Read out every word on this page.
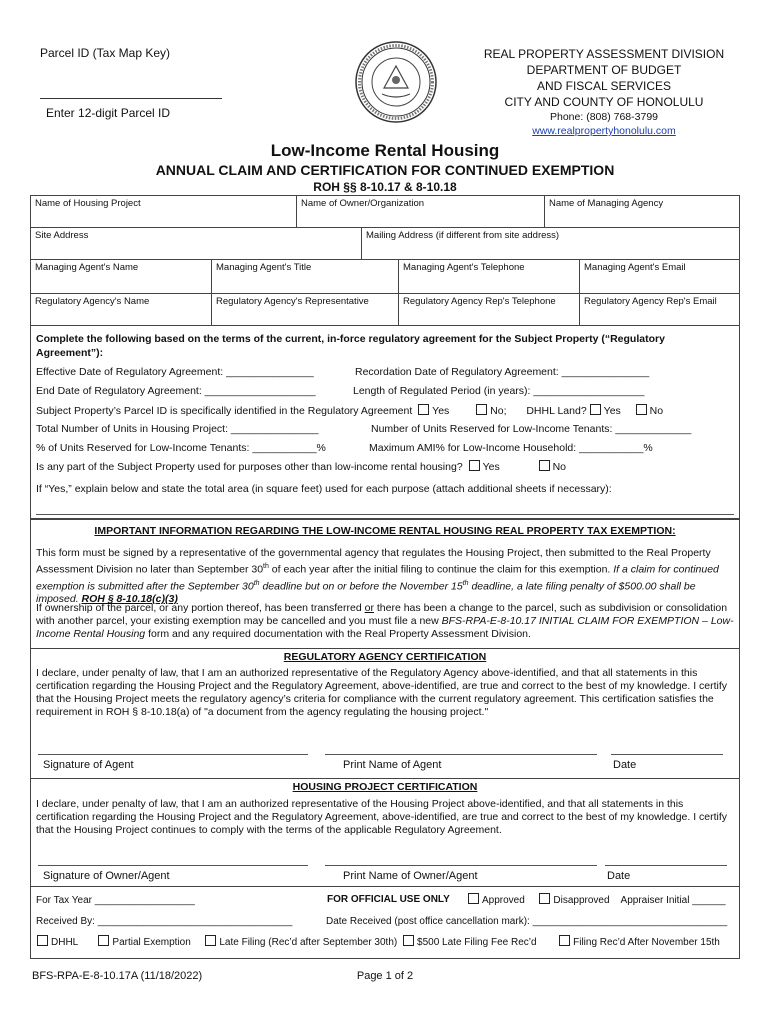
Parcel ID (Tax Map Key)
Enter 12-digit Parcel ID
REAL PROPERTY ASSESSMENT DIVISION
DEPARTMENT OF BUDGET
AND FISCAL SERVICES
CITY AND COUNTY OF HONOLULU
Phone: (808) 768-3799
www.realpropertyhonolulu.com
Low-Income Rental Housing
ANNUAL CLAIM AND CERTIFICATION FOR CONTINUED EXEMPTION
ROH §§ 8-10.17 & 8-10.18
Name of Housing Project	Name of Owner/Organization	Name of Managing Agency
Site Address	Mailing Address (if different from site address)
Managing Agent's Name	Managing Agent's Title	Managing Agent's Telephone	Managing Agent's Email
Regulatory Agency's Name	Regulatory Agency's Representative	Regulatory Agency Rep's Telephone	Regulatory Agency Rep's Email
Complete the following based on the terms of the current, in-force regulatory agreement for the Subject Property (“Regulatory Agreement”):
Effective Date of Regulatory Agreement: _______________	Recordation Date of Regulatory Agreement: _______________
End Date of Regulatory Agreement: ___________________	Length of Regulated Period (in years): ___________________
Subject Property’s Parcel ID is specifically identified in the Regulatory Agreement Yes	No; DHHL Land? Yes	No
Total Number of Units in Housing Project: _______________	Number of Units Reserved for Low-Income Tenants: _____________
% of Units Reserved for Low-Income Tenants: ___________%	Maximum AMI% for Low-Income Household: ___________%
Is any part of the Subject Property used for purposes other than low-income rental housing? Yes	No
If “Yes,” explain below and state the total area (in square feet) used for each purpose (attach additional sheets if necessary):
IMPORTANT INFORMATION REGARDING THE LOW-INCOME RENTAL HOUSING REAL PROPERTY TAX EXEMPTION:
This form must be signed by a representative of the governmental agency that regulates the Housing Project, then submitted to the Real Property Assessment Division no later than September 30th of each year after the initial filing to continue the claim for this exemption. If a claim for continued exemption is submitted after the September 30th deadline but on or before the November 15th deadline, a late filing penalty of $500.00 shall be imposed. ROH § 8-10.18(c)(3)
If ownership of the parcel, or any portion thereof, has been transferred or there has been a change to the parcel, such as subdivision or consolidation with another parcel, your existing exemption may be cancelled and you must file a new BFS-RPA-E-8-10.17 INITIAL CLAIM FOR EXEMPTION – Low-Income Rental Housing form and any required documentation with the Real Property Assessment Division.
REGULATORY AGENCY CERTIFICATION
I declare, under penalty of law, that I am an authorized representative of the Regulatory Agency above-identified, and that all statements in this certification regarding the Housing Project and the Regulatory Agreement, above-identified, are true and correct to the best of my knowledge. I certify that the Housing Project meets the regulatory agency’s criteria for compliance with the current regulatory agreement. This certification satisfies the requirement in ROH § 8-10.18(a) of "a document from the agency regulating the housing project."
Signature of Agent	Print Name of Agent	Date
HOUSING PROJECT CERTIFICATION
I declare, under penalty of law, that I am an authorized representative of the Housing Project above-identified, and that all statements in this certification regarding the Housing Project and the Regulatory Agreement, above-identified, are true and correct to the best of my knowledge. I certify that the Housing Project continues to comply with the terms of the applicable Regulatory Agreement.
Signature of Owner/Agent	Print Name of Owner/Agent	Date
For Tax Year __________________	FOR OFFICIAL USE ONLY	Approved	Disapproved Appraiser Initial ______
Received By: ___________________________________	Date Received (post office cancellation mark): ___________________________________
DHHL	Partial Exemption	Late Filing (Rec’d after September 30th) $500 Late Filing Fee Rec’d	Filing Rec’d After November 15th
BFS-RPA-E-8-10.17A (11/18/2022)	Page 1 of 2
